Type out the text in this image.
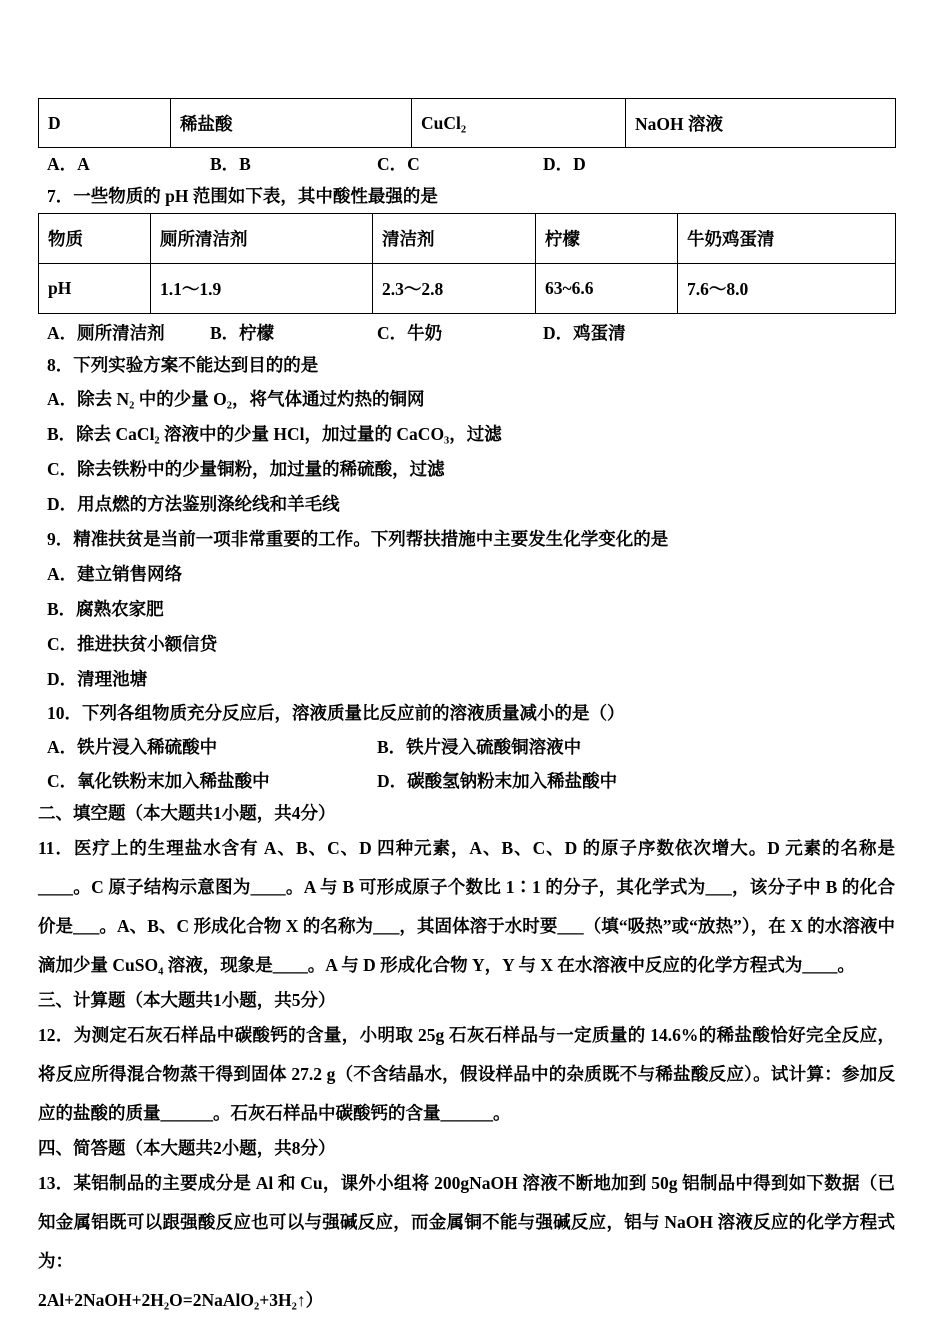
D	稀盐酸	CuCl₂	NaOH 溶液
A．A	B．B	C．C	D．D
7．一些物质的 pH 范围如下表，其中酸性最强的是
物质	厕所清洁剂	清洁剂	柠檬	牛奶鸡蛋清
pH	1.1～1.9	2.3～2.8	63~6.6	7.6～8.0
A．厕所清洁剂	B．柠檬	C．牛奶	D．鸡蛋清
8．下列实验方案不能达到目的的是
A．除去 N₂ 中的少量 O₂，将气体通过灼热的铜网
B．除去 CaCl₂ 溶液中的少量 HCl，加过量的 CaCO₃，过滤
C．除去铁粉中的少量铜粉，加过量的稀硫酸，过滤
D．用点燃的方法鉴别涤纶线和羊毛线
9．精准扶贫是当前一项非常重要的工作。下列帮扶措施中主要发生化学变化的是
A．建立销售网络
B．腐熟农家肥
C．推进扶贫小额信贷
D．清理池塘
10．下列各组物质充分反应后，溶液质量比反应前的溶液质量减小的是（）
A．铁片浸入稀硫酸中	B．铁片浸入硫酸铜溶液中
C．氧化铁粉末加入稀盐酸中	D．碳酸氢钠粉末加入稀盐酸中
二、填空题（本大题共1小题，共4分）
11．医疗上的生理盐水含有 A、B、C、D 四种元素，A、B、C、D 的原子序数依次增大。D 元素的名称是____。C 原子结构示意图为____。A 与 B 可形成原子个数比 1∶1 的分子，其化学式为___，该分子中 B 的化合价是___。A、B、C 形成化合物 X 的名称为___，其固体溶于水时要___（填“吸热”或“放热”），在 X 的水溶液中滴加少量 CuSO₄ 溶液，现象是____。A 与 D 形成化合物 Y，Y 与 X 在水溶液中反应的化学方程式为____。
三、计算题（本大题共1小题，共5分）
12．为测定石灰石样品中碳酸钙的含量，小明取 25g 石灰石样品与一定质量的 14.6%的稀盐酸恰好完全反应，将反应所得混合物蒸干得到固体 27.2 g（不含结晶水，假设样品中的杂质既不与稀盐酸反应）。试计算：参加反应的盐酸的质量______。石灰石样品中碳酸钙的含量______。
四、简答题（本大题共2小题，共8分）
13．某铝制品的主要成分是 Al 和 Cu，课外小组将 200gNaOH 溶液不断地加到 50g 铝制品中得到如下数据（已知金属铝既可以跟强酸反应也可以与强碱反应，而金属铜不能与强碱反应，铝与 NaOH 溶液反应的化学方程式为：
2Al+2NaOH+2H₂O=2NaAlO₂+3H₂↑）
